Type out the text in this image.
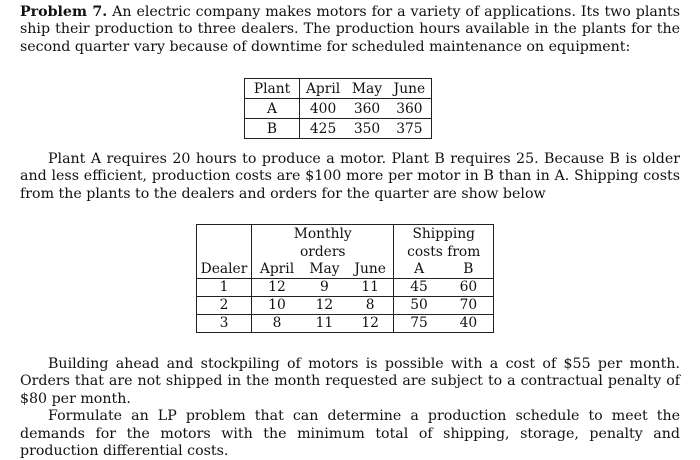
Problem 7. An electric company makes motors for a variety of applications. Its two plants ship their production to three dealers. The production hours available in the plants for the second quarter vary because of downtime for scheduled maintenance on equipment:

Plant	April	May	June
A	400	360	360
B	425	350	375

Plant A requires 20 hours to produce a motor. Plant B requires 25. Because B is older and less efficient, production costs are $100 more per motor in B than in A. Shipping costs from the plants to the dealers and orders for the quarter are show below

	Monthly			Shipping	
	orders			costs from	
Dealer	April	May	June	A	B
1	12	9	11	45	60
2	10	12	8	50	70
3	8	11	12	75	40
Building ahead and stockpiling of motors is possible with a cost of $55 per month. Orders that are not shipped in the month requested are subject to a contractual penalty of $80 per month.
Formulate an LP problem that can determine a production schedule to meet the demands for the motors with the minimum total of shipping, storage, penalty and production differential costs.
